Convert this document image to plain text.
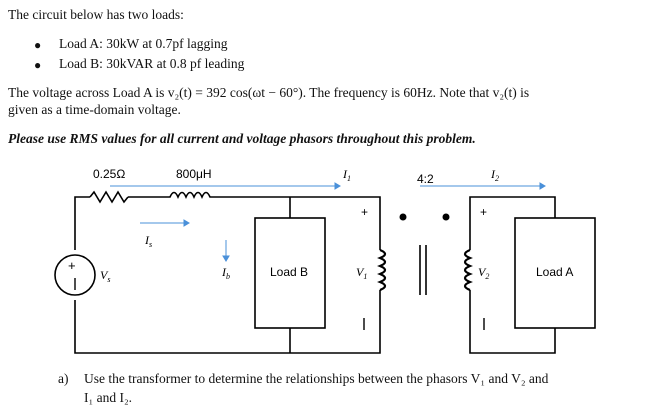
The circuit below has two loads:
● Load A: 30kW at 0.7pf lagging
● Load B: 30kVAR at 0.8 pf leading
The voltage across Load A is v₂(t) = 392 cos(ωt − 60°). The frequency is 60Hz. Note that v₂(t) is
given as a time-domain voltage.
Please use RMS values for all current and voltage phasors throughout this problem.
0.25Ω	800μH	$I_1$	4:2	$I_2$
+
$V_s$
$I_s$
$I_b$	Load B
+
$V_1$
+
$V_2$	Load A
a) Use the transformer to determine the relationships between the phasors V₁ and V₂ and
I₁ and I₂.
